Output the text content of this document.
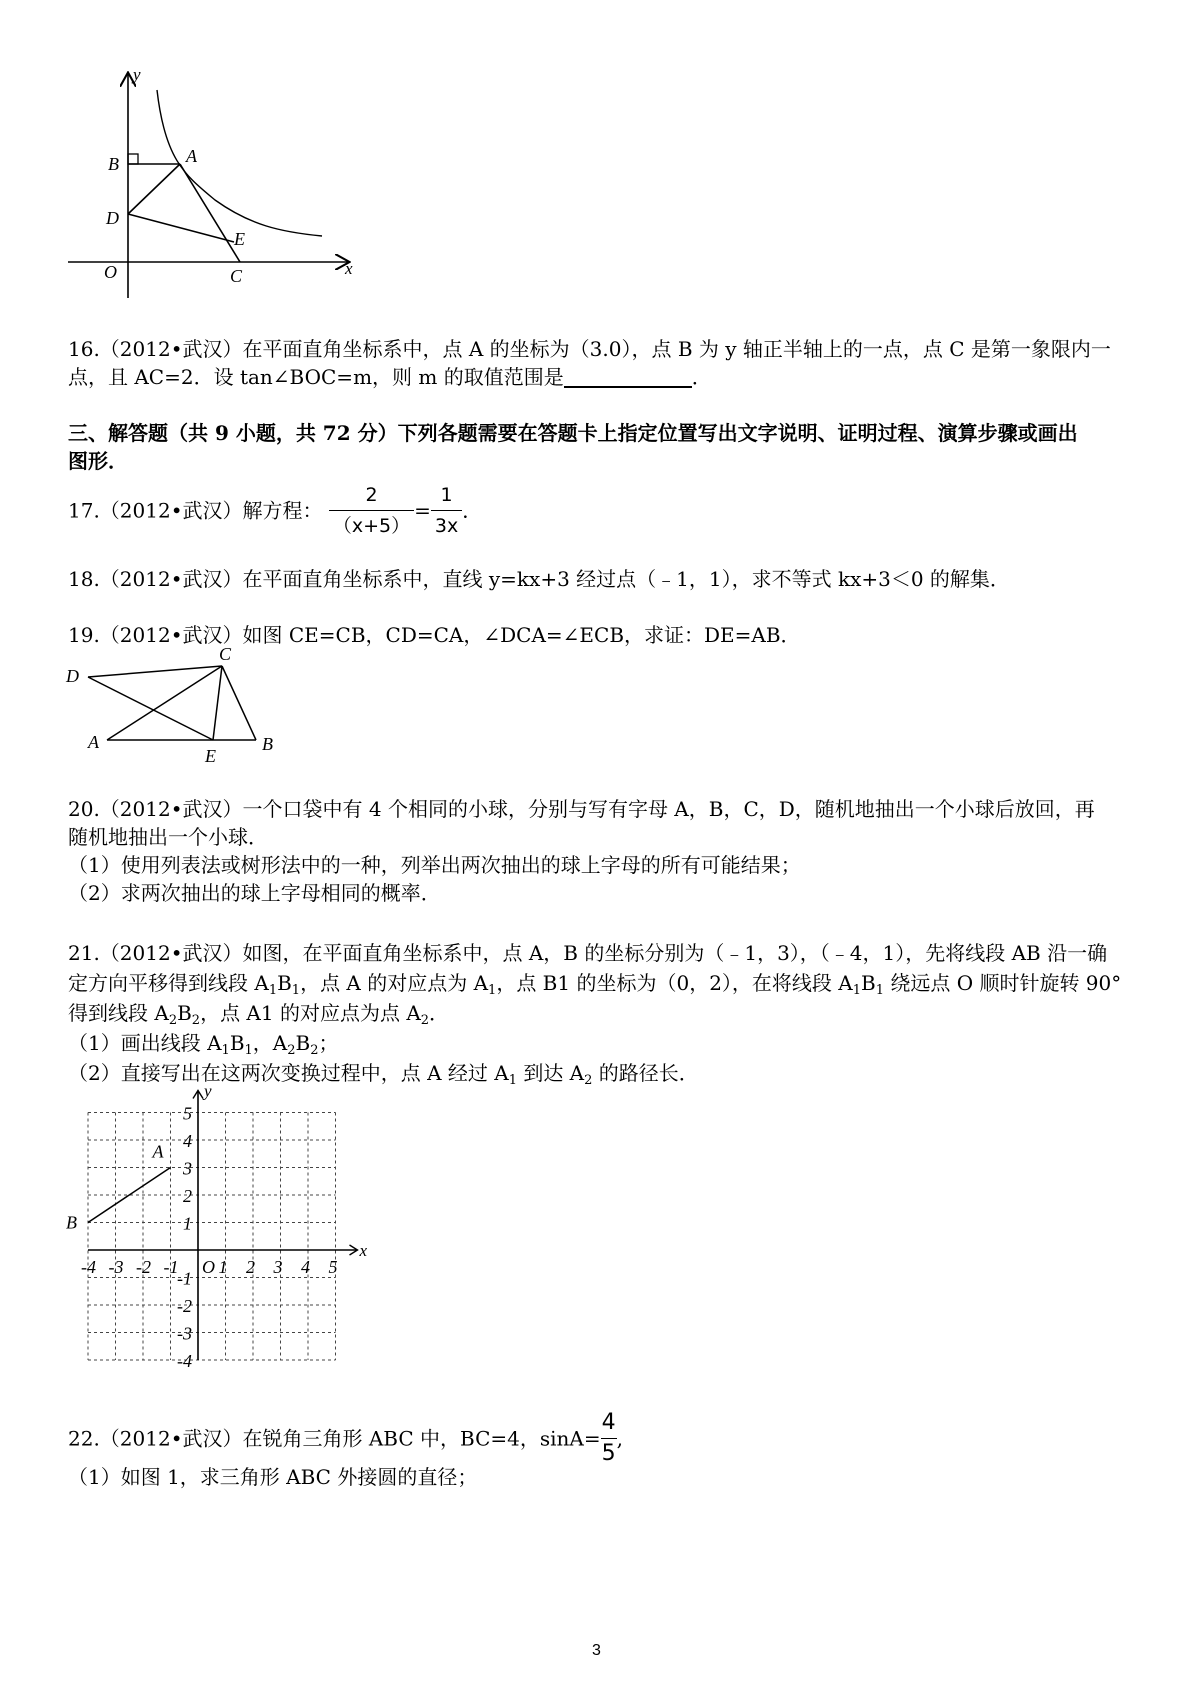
y
x
O
B	A
D
E
C
16.（2012•武汉）在平面直角坐标系中，点 A 的坐标为（3.0），点 B 为 y 轴正半轴上的一点，点 C 是第一象限内一
点，且 AC=2．设 tan∠BOC=m，则 m 的取值范围是	．
三、解答题（共 9 小题，共 72 分）下列各题需要在答题卡上指定位置写出文字说明、证明过程、演算步骤或画出
图形．
17.（2012•武汉）解方程： $\frac{2}{(x+5)} = \frac{1}{3x}$ ．
18.（2012•武汉）在平面直角坐标系中，直线 y=kx+3 经过点（﹣1，1），求不等式 kx+3＜0 的解集．
19.（2012•武汉）如图 CE=CB，CD=CA，∠DCA=∠ECB，求证：DE=AB．
D
C
A
E
B
20.（2012•武汉）一个口袋中有 4 个相同的小球，分别与写有字母 A，B，C，D，随机地抽出一个小球后放回，再
随机地抽出一个小球．
（1）使用列表法或树形法中的一种，列举出两次抽出的球上字母的所有可能结果；
（2）求两次抽出的球上字母相同的概率．
21.（2012•武汉）如图，在平面直角坐标系中，点 A，B 的坐标分别为（﹣1，3），（﹣4，1），先将线段 AB 沿一确
定方向平移得到线段 $A_1B_1$，点 A 的对应点为 $A_1$，点 B1 的坐标为（0，2），在将线段 $A_1B_1$ 绕远点 O 顺时针旋转 90°
得到线段 $A_2B_2$，点 A1 的对应点为点 $A_2$．
（1）画出线段 $A_1B_1$，$A_2B_2$；
（2）直接写出在这两次变换过程中，点 A 经过 $A_1$ 到达 $A_2$ 的路径长．
x
y
-4 -3 -2 -1 O 1 2 3 4 5
5
4
3
2
1
-1
-2
-3
-4
A
B
22.（2012•武汉）在锐角三角形 ABC 中，BC=4，$\sin A= \frac{4}{5}$ ,
（1）如图 1，求三角形 ABC 外接圆的直径；
3
